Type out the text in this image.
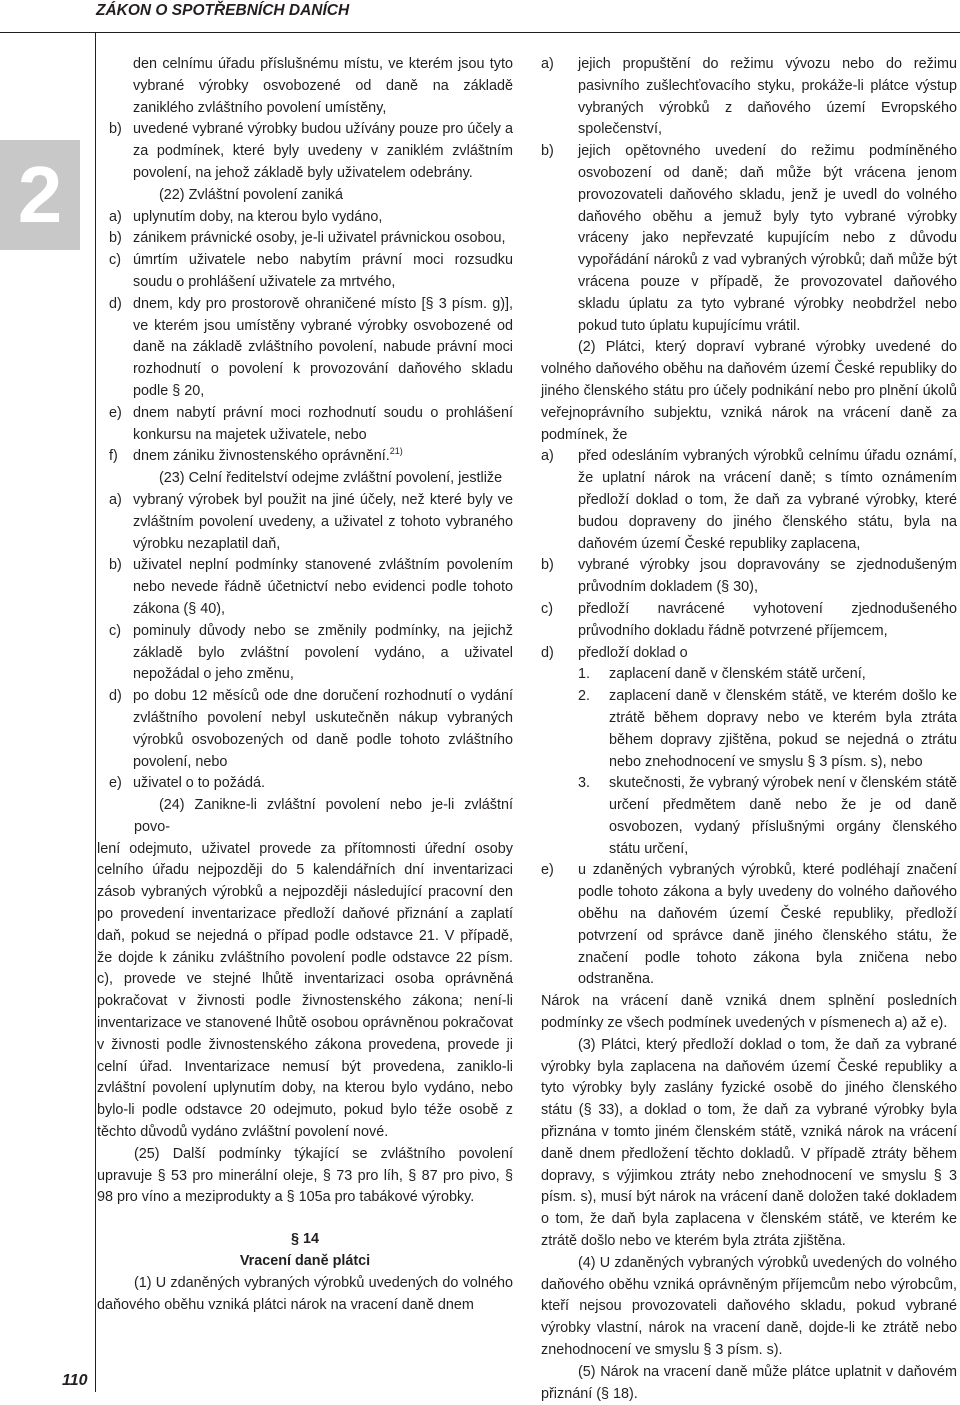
ZÁKON O SPOTŘEBNÍCH DANÍCH
2
110
den celnímu úřadu příslušnému místu, ve kterém jsou tyto vybrané výrobky osvobozené od daně na základě zaniklého zvláštního povolení umístěny,
b) uvedené vybrané výrobky budou užívány pouze pro účely a za podmínek, které byly uvedeny v zaniklém zvláštním povolení, na jehož základě byly uživatelem odebrány.

(22) Zvláštní povolení zaniká

a) uplynutím doby, na kterou bylo vydáno,
b) zánikem právnické osoby, je-li uživatel právnickou osobou,
c) úmrtím uživatele nebo nabytím právní moci rozsudku soudu o prohlášení uživatele za mrtvého,
d) dnem, kdy pro prostorově ohraničené místo [§ 3 písm. g)], ve kterém jsou umístěny vybrané výrobky osvobozené od daně na základě zvláštního povolení, nabude právní moci rozhodnutí o povolení k provozování daňového skladu podle § 20,
e) dnem nabytí právní moci rozhodnutí soudu o prohlášení konkursu na majetek uživatele, nebo
f)	dnem zániku živnostenského oprávnění.$^{21)}$

(23) Celní ředitelství odejme zvláštní povolení, jestliže

a) vybraný výrobek byl použit na jiné účely, než které byly ve zvláštním povolení uvedeny, a uživatel z tohoto vybraného výrobku nezaplatil daň,
b) uživatel neplní podmínky stanovené zvláštním povolením nebo nevede řádně účetnictví nebo evidenci podle tohoto zákona (§ 40),
c) pominuly důvody nebo se změnily podmínky, na jejichž základě bylo zvláštní povolení vydáno, a uživatel nepožádal o jeho změnu,
d) po dobu 12 měsíců ode dne doručení rozhodnutí o vydání zvláštního povolení nebyl uskutečněn nákup vybraných výrobků osvobozených od daně podle tohoto zvláštního povolení, nebo
e) uživatel o to požádá.

(24) Zanikne-li zvláštní povolení nebo je-li zvláštní povo-

lení odejmuto, uživatel provede za přítomnosti úřední osoby celního úřadu nejpozději do 5 kalendářních dní inventarizaci zásob vybraných výrobků a nejpozději následující pracovní den po provedení inventarizace předloží daňové přiznání a zaplatí daň, pokud se nejedná o případ podle odstavce 21. V případě, že dojde k zániku zvláštního povolení podle odstavce 22 písm. c), provede ve stejné lhůtě inventarizaci osoba oprávněná pokračovat v živnosti podle živnostenského zákona; není-li inventarizace ve stanovené lhůtě osobou oprávněnou pokračovat v živnosti podle živnostenského zákona provedena, provede ji celní úřad. Inventarizace nemusí být provedena, zaniklo-li zvláštní povolení uplynutím doby, na kterou bylo vydáno, nebo bylo-li podle odstavce 20 odejmuto, pokud bylo téže osobě z těchto důvodů vydáno zvláštní povolení nové.

(25) Další podmínky týkající se zvláštního povolení upravuje § 53 pro minerální oleje, § 73 pro líh, § 87 pro pivo, § 98 pro víno a meziprodukty a § 105a pro tabákové výrobky.

§ 14

Vracení daně plátci

(1) U zdaněných vybraných výrobků uvedených do volného daňového oběhu vzniká plátci nárok na vracení daně dnem

a)	jejich propuštění do režimu vývozu nebo do režimu pasivního zušlechťovacího styku, prokáže-li plátce výstup vybraných výrobků z daňového území Evropského společenství,
b)	jejich opětovného uvedení do režimu podmíněného osvobození od daně; daň může být vrácena jenom provozovateli daňového skladu, jenž je uvedl do volného daňového oběhu a jemuž byly tyto vybrané výrobky vráceny jako nepřevzaté kupujícím nebo z důvodu vypořádání nároků z vad vybraných výrobků; daň může být vrácena pouze v případě, že provozovatel daňového skladu úplatu za tyto vybrané výrobky neobdržel nebo pokud tuto úplatu kupujícímu vrátil.

(2) Plátci, který dopraví vybrané výrobky uvedené do volného daňového oběhu na daňovém území České republiky do jiného členského státu pro účely podnikání nebo pro plnění úkolů veřejnoprávního subjektu, vzniká nárok na vrácení daně za podmínek, že

a)	před odesláním vybraných výrobků celnímu úřadu oznámí, že uplatní nárok na vrácení daně; s tímto oznámením předloží doklad o tom, že daň za vybrané výrobky, které budou dopraveny do jiného členského státu, byla na daňovém území České republiky zaplacena,
b)	vybrané výrobky jsou dopravovány se zjednodušeným průvodním dokladem (§ 30),
c)	předloží navrácené vyhotovení zjednodušeného průvodního dokladu řádně potvrzené příjemcem,
d)	předloží doklad o
1.	zaplacení daně v členském státě určení,
2.	zaplacení daně v členském státě, ve kterém došlo ke ztrátě během dopravy nebo ve kterém byla ztráta během dopravy zjištěna, pokud se nejedná o ztrátu nebo znehodnocení ve smyslu § 3 písm. s), nebo
3.	skutečnosti, že vybraný výrobek není v členském státě určení předmětem daně nebo že je od daně osvobozen, vydaný příslušnými orgány členského státu určení,
e)	u zdaněných vybraných výrobků, které podléhají značení podle tohoto zákona a byly uvedeny do volného daňového oběhu na daňovém území České republiky, předloží potvrzení od správce daně jiného členského státu, že značení podle tohoto zákona byla zničena nebo odstraněna.

Nárok na vrácení daně vzniká dnem splnění posledních podmínky ze všech podmínek uvedených v písmenech a) až e).

(3) Plátci, který předloží doklad o tom, že daň za vybrané výrobky byla zaplacena na daňovém území České republiky a tyto výrobky byly zaslány fyzické osobě do jiného členského státu (§ 33), a doklad o tom, že daň za vybrané výrobky byla přiznána v tomto jiném členském státě, vzniká nárok na vrácení daně dnem předložení těchto dokladů. V případě ztráty během dopravy, s výjimkou ztráty nebo znehodnocení ve smyslu § 3 písm. s), musí být nárok na vrácení daně doložen také dokladem o tom, že daň byla zaplacena v členském státě, ve kterém ke ztrátě došlo nebo ve kterém byla ztráta zjištěna.

(4) U zdaněných vybraných výrobků uvedených do volného daňového oběhu vzniká oprávněným příjemcům nebo výrobcům, kteří nejsou provozovateli daňového skladu, pokud vybrané výrobky vlastní, nárok na vracení daně, dojde-li ke ztrátě nebo znehodnocení ve smyslu § 3 písm. s).

(5) Nárok na vracení daně může plátce uplatnit v daňovém přiznání (§ 18).
